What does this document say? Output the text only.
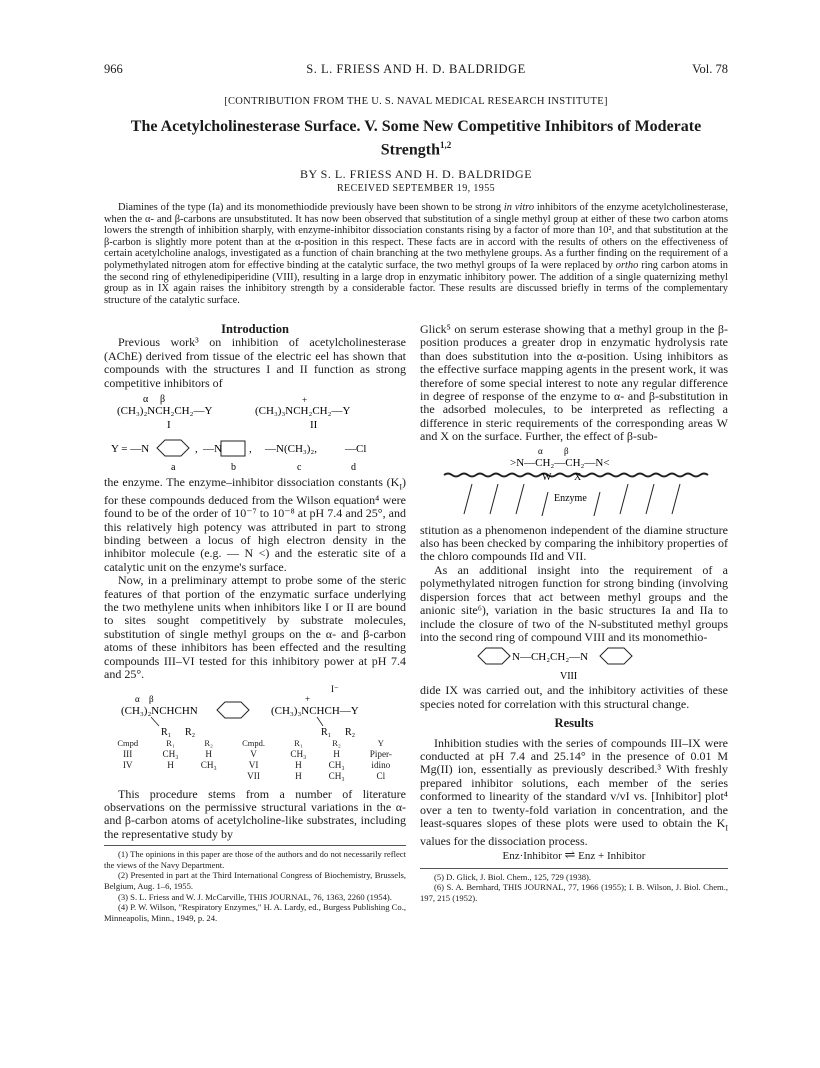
966	S. L. FRIESS AND H. D. BALDRIDGE	Vol. 78
[CONTRIBUTION FROM THE U. S. NAVAL MEDICAL RESEARCH INSTITUTE]
The Acetylcholinesterase Surface. V. Some New Competitive Inhibitors of Moderate
Strength$^{1,2}$
BY S. L. FRIESS AND H. D. BALDRIDGE
RECEIVED SEPTEMBER 19, 1955

Diamines of the type (Ia) and its monomethiodide previously have been shown to be strong in vitro inhibitors of the enzyme acetylcholinesterase, when the α- and β-carbons are unsubstituted. It has now been observed that substitution of a single methyl group at either of these two carbon atoms lowers the strength of inhibition sharply, with enzyme-inhibitor dissociation constants rising by a factor of more than 10², and that substitution at the β-carbon is slightly more potent than at the α-position in this respect. These facts are in accord with the results of others on the effectiveness of certain acetylcholine analogs, investigated as a function of chain branching at the two methylene groups. As a further finding on the requirement of a polymethylated nitrogen atom for effective binding at the catalytic surface, the two methyl groups of Ia were replaced by ortho ring carbon atoms in the second ring of ethylenedipiperidine (VIII), resulting in a large drop in enzymatic inhibitory power. The addition of a single quaternizing methyl group as in IX again raises the inhibitory strength by a considerable factor. These results are discussed briefly in terms of the complementary structure of the catalytic surface.

Introduction

Previous work³ on inhibition of acetylcholinesterase (AChE) derived from tissue of the electric eel has shown that compounds with the structures I and II function as strong competitive inhibitors of

α β	+
(CH₃)₂NCH₂CH₂—Y	(CH₃)₃NCH₂CH₂—Y
I	II
Y = —N	, —N , —N(CH₃)₂,	—Cl
a	b	c	d

the enzyme. The enzyme–inhibitor dissociation constants $(K_I)$ for these compounds deduced from the Wilson equation⁴ were found to be of the order of 10⁻⁷ to 10⁻⁸ at pH 7.4 and 25°, and this relatively high potency was attributed in part to strong binding between a locus of high electron density in the inhibitor molecule (e.g. — N <) and the esteratic site of a catalytic unit on the enzyme's surface.

Now, in a preliminary attempt to probe some of the steric features of that portion of the enzymatic surface underlying the two methylene units when inhibitors like I or II are bound to sites sought competitively by substrate molecules, substitution of single methyl groups on the α- and β-carbon atoms of these inhibitors has been effected and the resulting compounds III–VI tested for this inhibitory power at pH 7.4 and 25°.

I⁻
α β	+
(CH₃)₂NCHCHN	(CH₃)₃NCHCH—Y
R₁ R₂	R₁ R₂
Cmpd	R₁	R₂	Cmpd.	R₁	R₂	Y
III	CH₃	H	V	CH₃	H	Piper-
IV	H	CH₃	VI	H	CH₃	idino
			VII	H	CH₃	Cl

This procedure stems from a number of literature observations on the permissive structural variations in the α- and β-carbon atoms of acetylcholine-like substrates, including the representative study by

(1) The opinions in this paper are those of the authors and do not necessarily reflect the views of the Navy Department.

(2) Presented in part at the Third International Congress of Biochemistry, Brussels, Belgium, Aug. 1–6, 1955.

(3) S. L. Friess and W. J. McCarville, THIS JOURNAL, 76, 1363, 2260 (1954).

(4) P. W. Wilson, "Respiratory Enzymes," H. A. Lardy, ed., Burgess Publishing Co., Minneapolis, Minn., 1949, p. 24.

Glick⁵ on serum esterase showing that a methyl group in the β-position produces a greater drop in enzymatic hydrolysis rate than does substitution into the α-position. Using inhibitors as the effective surface mapping agents in the present work, it was therefore of some special interest to note any regular difference in degree of response of the enzyme to α- and β-substitution in the adsorbed molecules, to be interpreted as reflecting a difference in steric requirements of the corresponding areas W and X on the surface. Further, the effect of β-sub-

α β
>N—CH₂—CH₂—N<
W X
Enzyme

stitution as a phenomenon independent of the diamine structure also has been checked by comparing the inhibitory properties of the chloro compounds IId and VII.

As an additional insight into the requirement of a polymethylated nitrogen function for strong binding (involving dispersion forces that act between methyl groups and the anionic site⁶), variation in the basic structures Ia and IIa to include the closure of two of the N-substituted methyl groups into the second ring of compound VIII and its monomethio-

N—CH₂CH₂—N
VIII

dide IX was carried out, and the inhibitory activities of these species noted for correlation with this structural change.

Results

Inhibition studies with the series of compounds III–IX were conducted at pH 7.4 and 25.14° in the presence of 0.01 M Mg(II) ion, essentially as previously described.³ With freshly prepared inhibitor solutions, each member of the series conformed to linearity of the standard v/vI vs. [Inhibitor] plot⁴ over a ten to twenty-fold variation in concentration, and the least-squares slopes of these plots were used to obtain the $K_I$ values for the dissociation process.

Enz·Inhibitor ⇌ Enz + Inhibitor

(5) D. Glick, J. Biol. Chem., 125, 729 (1938).

(6) S. A. Bernhard, THIS JOURNAL, 77, 1966 (1955); I. B. Wilson, J. Biol. Chem., 197, 215 (1952).
